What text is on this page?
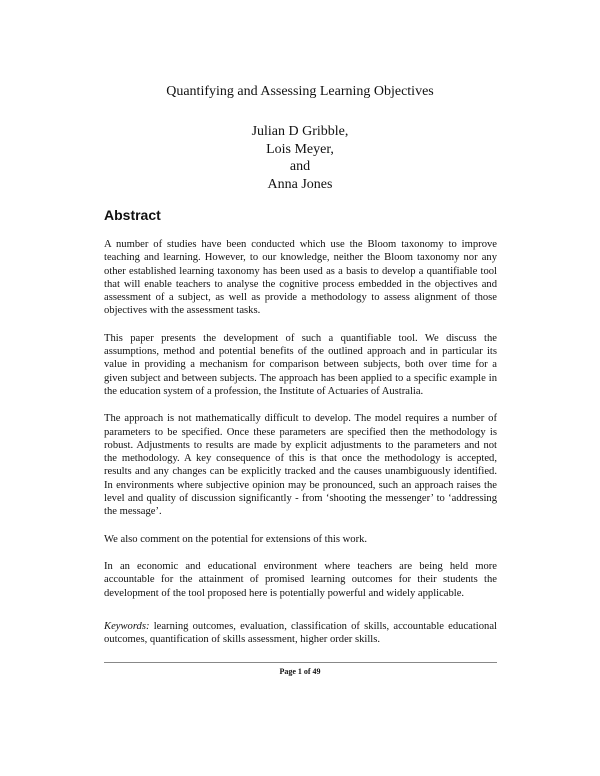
Quantifying and Assessing Learning Objectives
Julian D Gribble,
Lois Meyer,
and
Anna Jones
Abstract

A number of studies have been conducted which use the Bloom taxonomy to improve teaching and learning. However, to our knowledge, neither the Bloom taxonomy nor any other established learning taxonomy has been used as a basis to develop a quantifiable tool that will enable teachers to analyse the cognitive process embedded in the objectives and assessment of a subject, as well as provide a methodology to assess alignment of those objectives with the assessment tasks.

This paper presents the development of such a quantifiable tool. We discuss the assumptions, method and potential benefits of the outlined approach and in particular its value in providing a mechanism for comparison between subjects, both over time for a given subject and between subjects. The approach has been applied to a specific example in the education system of a profession, the Institute of Actuaries of Australia.

The approach is not mathematically difficult to develop. The model requires a number of parameters to be specified. Once these parameters are specified then the methodology is robust. Adjustments to results are made by explicit adjustments to the parameters and not the methodology. A key consequence of this is that once the methodology is accepted, results and any changes can be explicitly tracked and the causes unambiguously identified. In environments where subjective opinion may be pronounced, such an approach raises the level and quality of discussion significantly - from ‘shooting the messenger’ to ‘addressing the message’.

We also comment on the potential for extensions of this work.

In an economic and educational environment where teachers are being held more accountable for the attainment of promised learning outcomes for their students the development of the tool proposed here is potentially powerful and widely applicable.

Keywords: learning outcomes, evaluation, classification of skills, accountable educational outcomes, quantification of skills assessment, higher order skills.

Page 1 of 49
